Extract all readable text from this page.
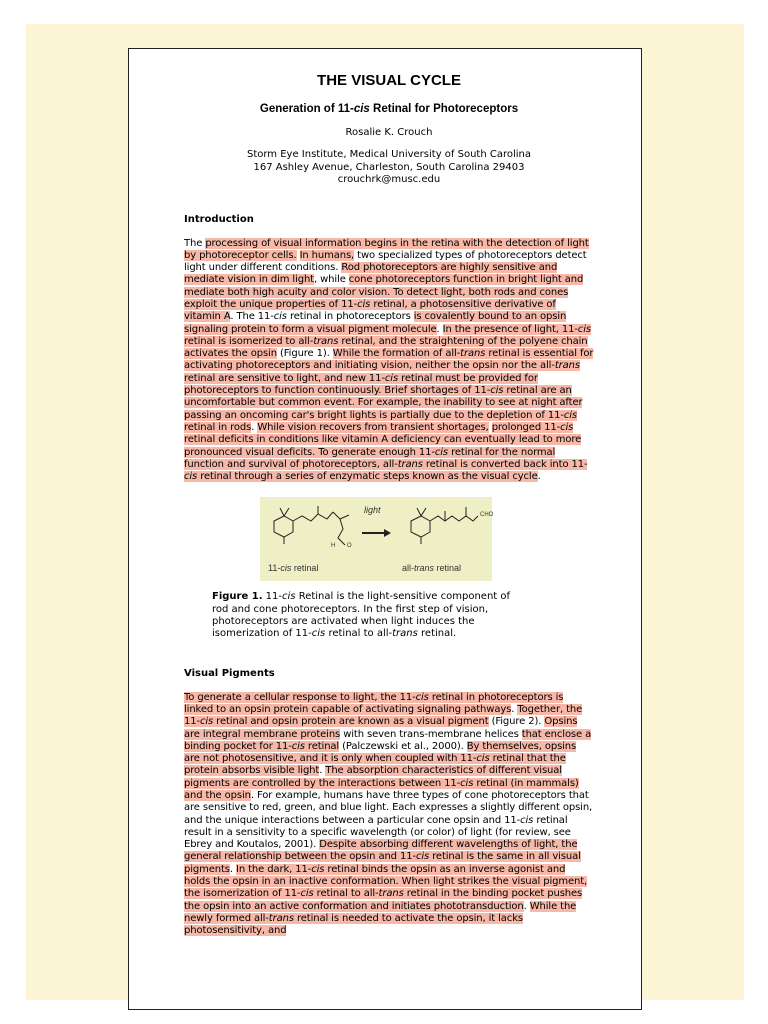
THE VISUAL CYCLE
Generation of 11-cis Retinal for Photoreceptors
Rosalie K. Crouch
Storm Eye Institute, Medical University of South Carolina
167 Ashley Avenue, Charleston, South Carolina 29403
crouchrk@musc.edu
Introduction

The processing of visual information begins in the retina with the detection of light by photoreceptor cells. In humans, two specialized types of photoreceptors detect light under different conditions. Rod photoreceptors are highly sensitive and mediate vision in dim light, while cone photoreceptors function in bright light and mediate both high acuity and color vision. To detect light, both rods and cones exploit the unique properties of 11-cis retinal, a photosensitive derivative of vitamin A. The 11-cis retinal in photoreceptors is covalently bound to an opsin signaling protein to form a visual pigment molecule. In the presence of light, 11-cis retinal is isomerized to all-trans retinal, and the straightening of the polyene chain activates the opsin (Figure 1). While the formation of all-trans retinal is essential for activating photoreceptors and initiating vision, neither the opsin nor the all-trans retinal are sensitive to light, and new 11-cis retinal must be provided for photoreceptors to function continuously. Brief shortages of 11-cis retinal are an uncomfortable but common event. For example, the inability to see at night after passing an oncoming car's bright lights is partially due to the depletion of 11-cis retinal in rods. While vision recovers from transient shortages, prolonged 11-cis retinal deficits in conditions like vitamin A deficiency can eventually lead to more pronounced visual deficits. To generate enough 11-cis retinal for the normal function and survival of photoreceptors, all-trans retinal is converted back into 11-cis retinal through a series of enzymatic steps known as the visual cycle.

light	CHO
H O
11-cis retinal	all-trans retinal
Figure 1. 11-cis Retinal is the light-sensitive component of rod and cone photoreceptors. In the first step of vision, photoreceptors are activated when light induces the isomerization of 11-cis retinal to all-trans retinal.
Visual Pigments

To generate a cellular response to light, the 11-cis retinal in photoreceptors is linked to an opsin protein capable of activating signaling pathways. Together, the 11-cis retinal and opsin protein are known as a visual pigment (Figure 2). Opsins are integral membrane proteins with seven trans-membrane helices that enclose a binding pocket for 11-cis retinal (Palczewski et al., 2000). By themselves, opsins are not photosensitive, and it is only when coupled with 11-cis retinal that the protein absorbs visible light. The absorption characteristics of different visual pigments are controlled by the interactions between 11-cis retinal (in mammals) and the opsin. For example, humans have three types of cone photoreceptors that are sensitive to red, green, and blue light. Each expresses a slightly different opsin, and the unique interactions between a particular cone opsin and 11-cis retinal result in a sensitivity to a specific wavelength (or color) of light (for review, see Ebrey and Koutalos, 2001). Despite absorbing different wavelengths of light, the general relationship between the opsin and 11-cis retinal is the same in all visual pigments. In the dark, 11-cis retinal binds the opsin as an inverse agonist and holds the opsin in an inactive conformation. When light strikes the visual pigment, the isomerization of 11-cis retinal to all-trans retinal in the binding pocket pushes the opsin into an active conformation and initiates phototransduction. While the newly formed all-trans retinal is needed to activate the opsin, it lacks photosensitivity, and
